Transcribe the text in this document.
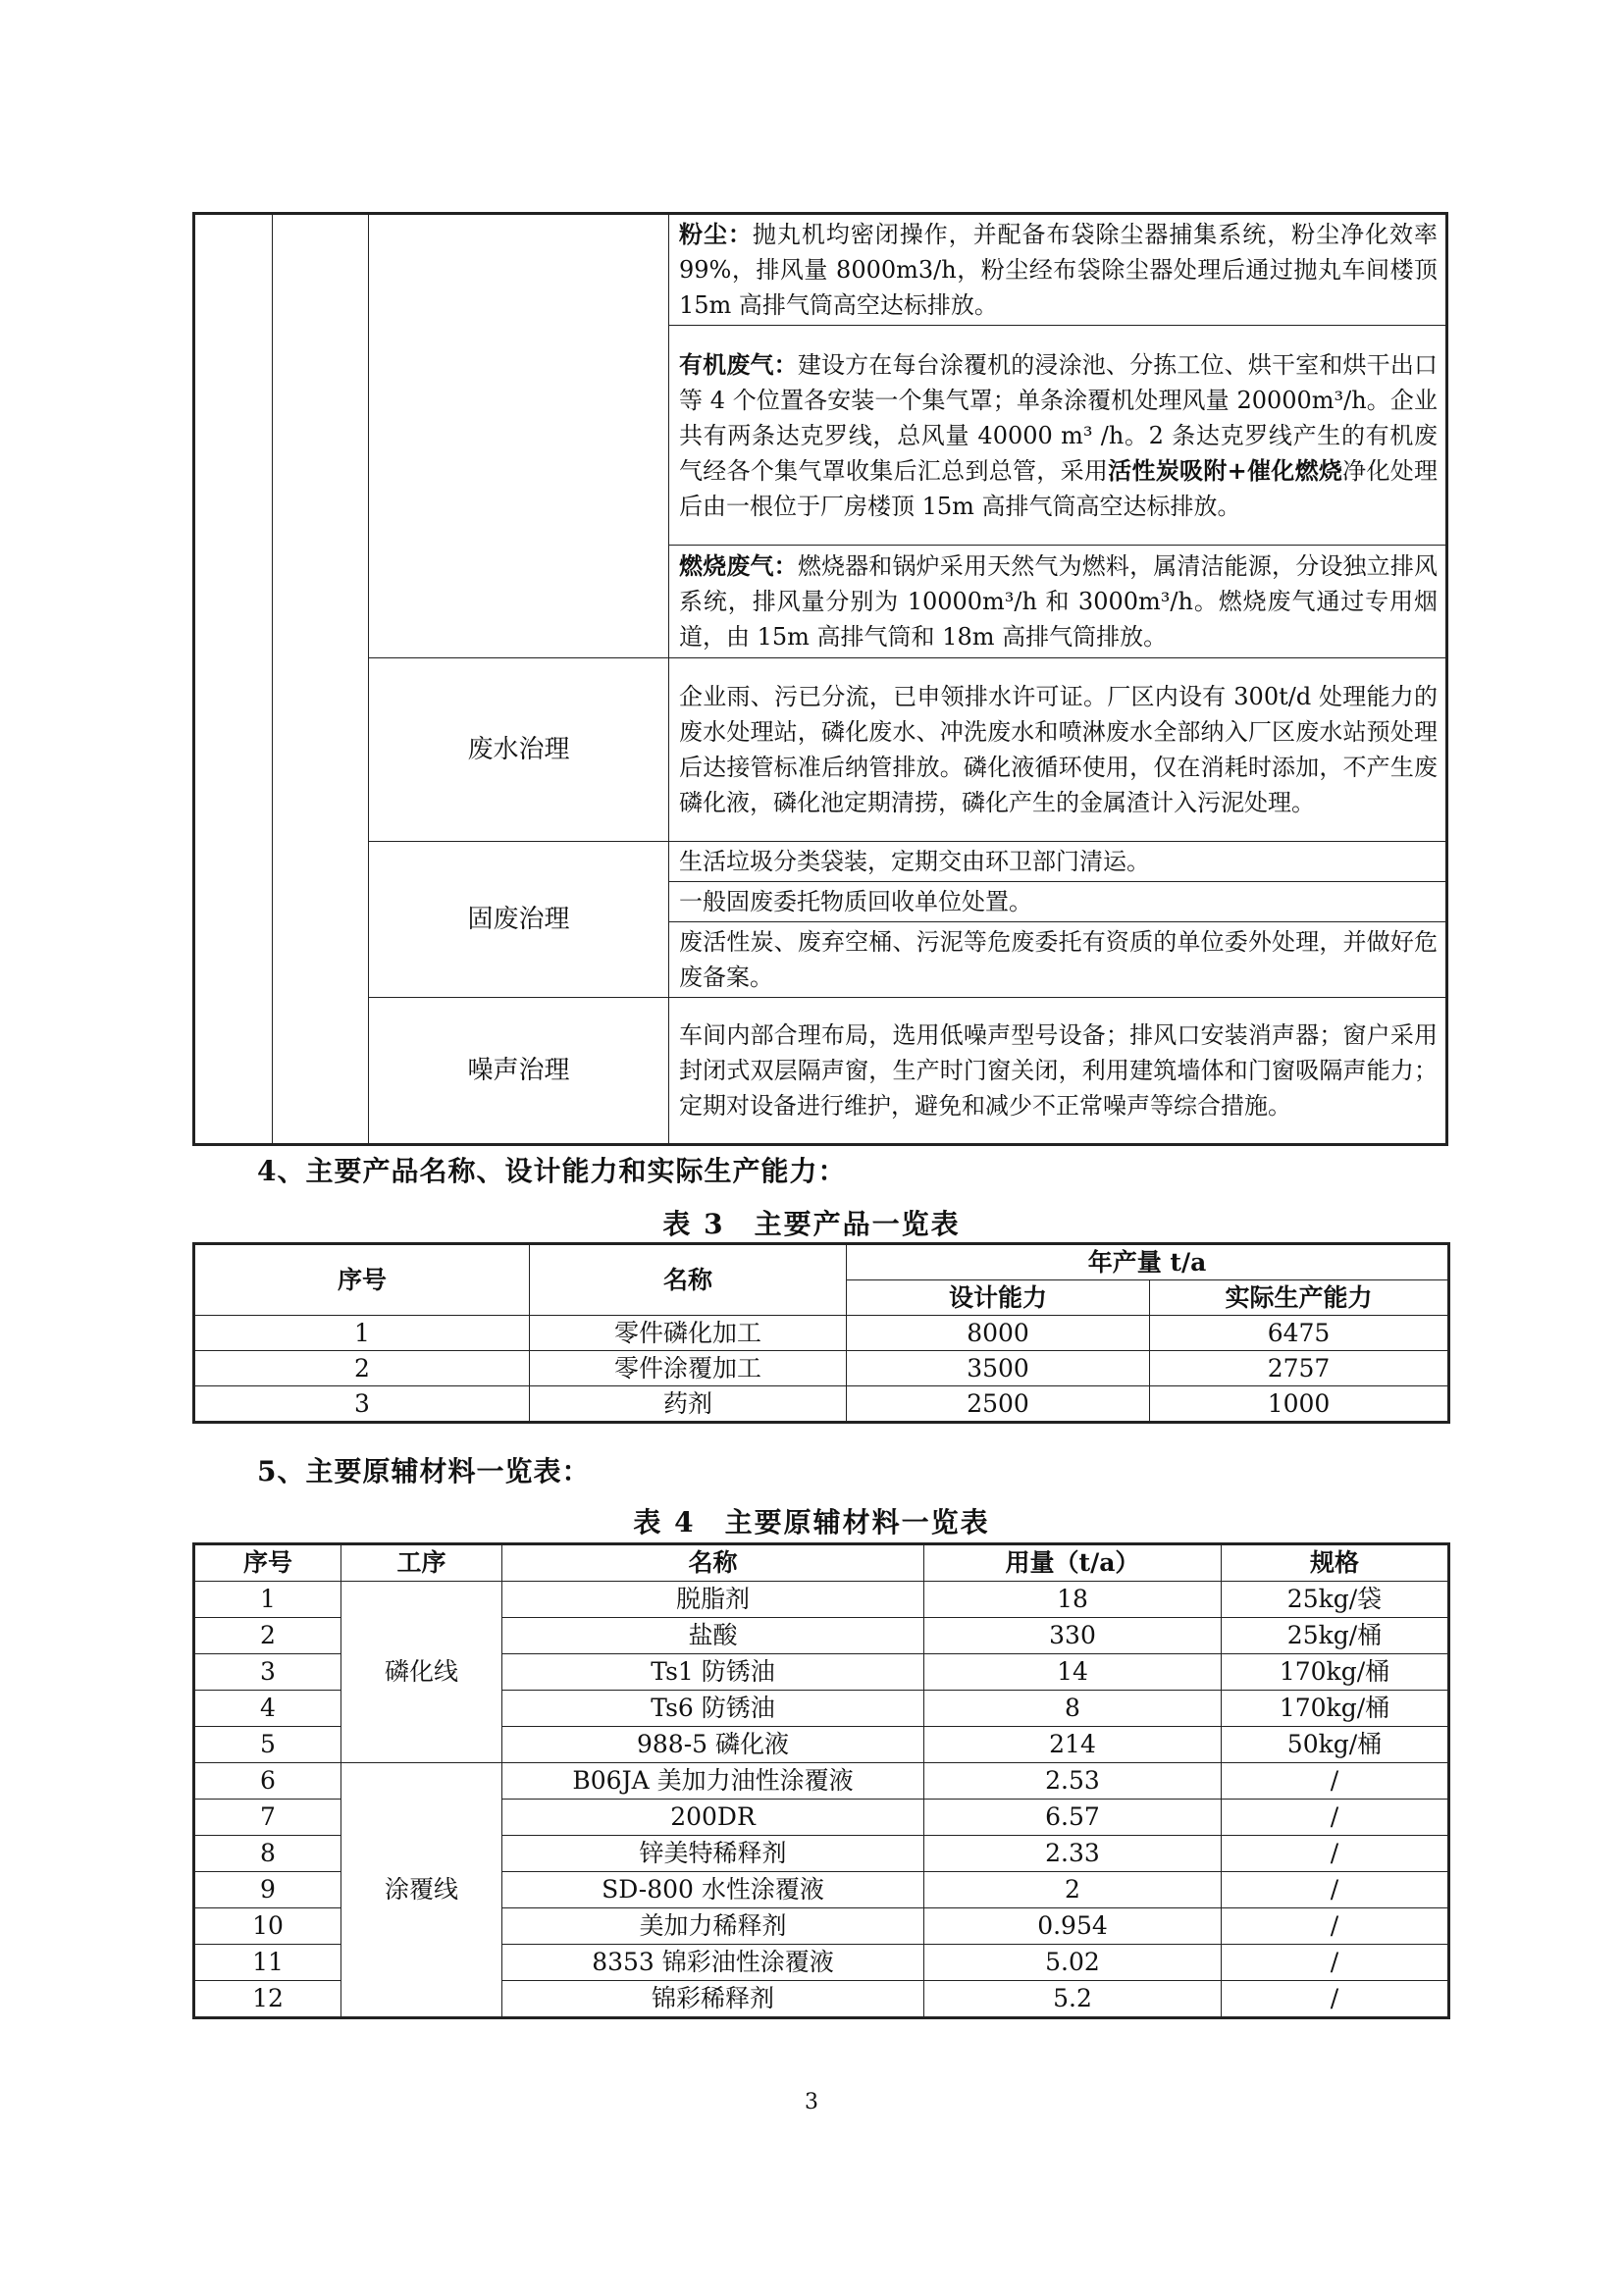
			粉尘：抛丸机均密闭操作，并配备布袋除尘器捕集系统，粉尘净化效率 99%，排风量 8000m3/h，粉尘经布袋除尘器处理后通过抛丸车间楼顶 15m 高排气筒高空达标排放。
			有机废气：建设方在每台涂覆机的浸涂池、分拣工位、烘干室和烘干出口等 4 个位置各安装一个集气罩；单条涂覆机处理风量 20000m³/h。企业共有两条达克罗线，总风量 40000 m³ /h。2 条达克罗线产生的有机废气经各个集气罩收集后汇总到总管，采用活性炭吸附+催化燃烧净化处理后由一根位于厂房楼顶 15m 高排气筒高空达标排放。
			燃烧废气：燃烧器和锅炉采用天然气为燃料，属清洁能源，分设独立排风系统，排风量分别为 10000m³/h 和 3000m³/h。燃烧废气通过专用烟道，由 15m 高排气筒和 18m 高排气筒排放。
		废水治理	企业雨、污已分流，已申领排水许可证。厂区内设有 300t/d 处理能力的废水处理站，磷化废水、冲洗废水和喷淋废水全部纳入厂区废水站预处理后达接管标准后纳管排放。磷化液循环使用，仅在消耗时添加，不产生废磷化液，磷化池定期清捞，磷化产生的金属渣计入污泥处理。
		固废治理	生活垃圾分类袋装，定期交由环卫部门清运。
			一般固废委托物质回收单位处置。
			废活性炭、废弃空桶、污泥等危废委托有资质的单位委外处理，并做好危废备案。
		噪声治理	车间内部合理布局，选用低噪声型号设备；排风口安装消声器；窗户采用封闭式双层隔声窗，生产时门窗关闭，利用建筑墙体和门窗吸隔声能力；定期对设备进行维护，避免和减少不正常噪声等综合措施。
4、主要产品名称、设计能力和实际生产能力：
表 3　主要产品一览表
序号	名称	年产量 t/a	
		设计能力	实际生产能力
1	零件磷化加工	8000	6475
2	零件涂覆加工	3500	2757
3	药剂	2500	1000
5、主要原辅材料一览表：
表 4　主要原辅材料一览表
序号	工序	名称	用量（t/a）	规格
1	磷化线	脱脂剂	18	25kg/袋
2		盐酸	330	25kg/桶
3		Ts1 防锈油	14	170kg/桶
4		Ts6 防锈油	8	170kg/桶
5		988-5 磷化液	214	50kg/桶
6	涂覆线	B06JA 美加力油性涂覆液	2.53	/
7		200DR	6.57	/
8		锌美特稀释剂	2.33	/
9		SD-800 水性涂覆液	2	/
10		美加力稀释剂	0.954	/
11		8353 锦彩油性涂覆液	5.02	/
12		锦彩稀释剂	5.2	/
3
